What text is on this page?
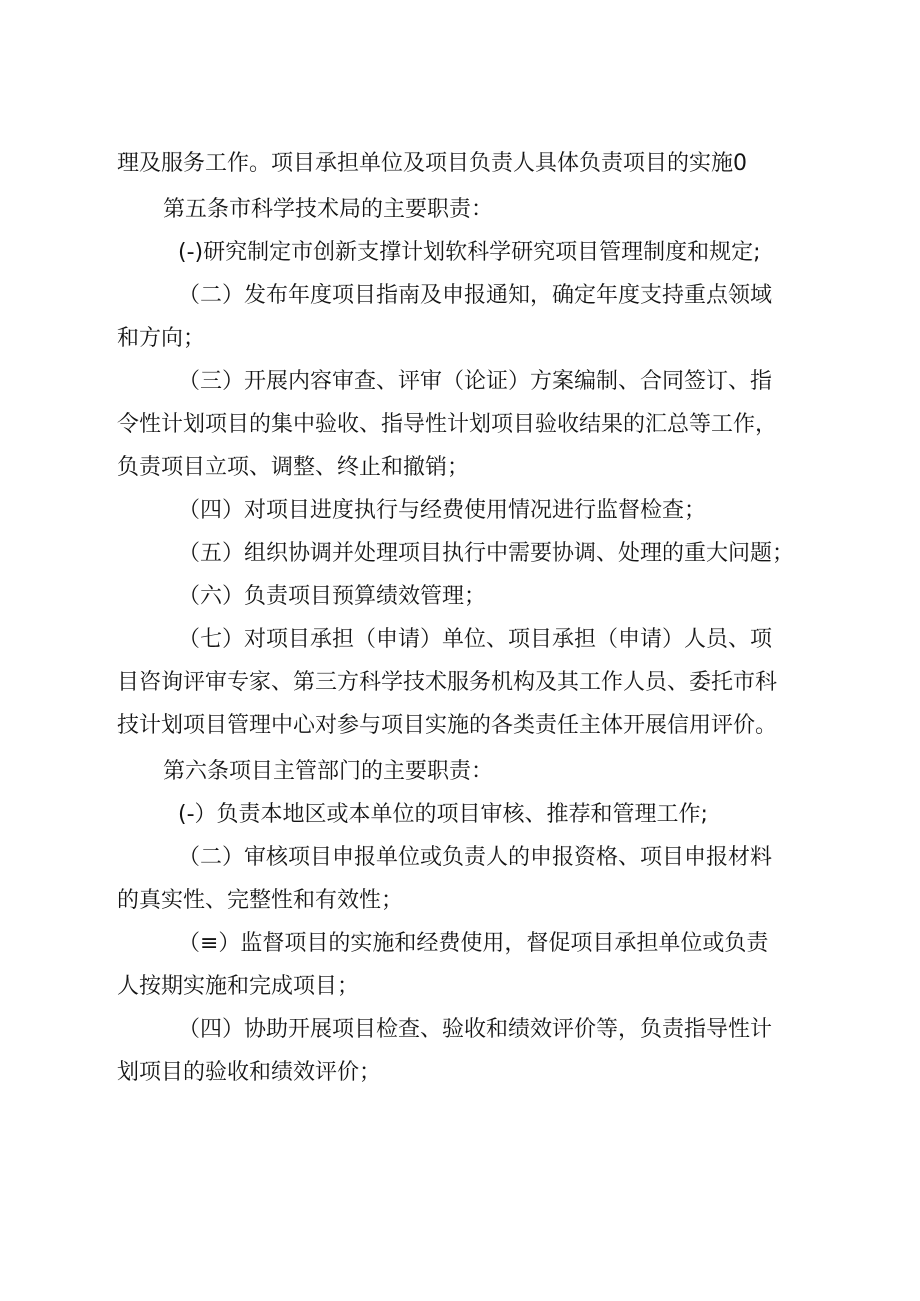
理及服务工作。项目承担单位及项目负责人具体负责项目的实施0

第五条市科学技术局的主要职责：

(-)研究制定市创新支撑计划软科学研究项目管理制度和规定;

（二）发布年度项目指南及申报通知，确定年度支持重点领域

和方向；

（三）开展内容审查、评审（论证）方案编制、合同签订、指

令性计划项目的集中验收、指导性计划项目验收结果的汇总等工作，

负责项目立项、调整、终止和撤销；

（四）对项目进度执行与经费使用情况进行监督检查；

（五）组织协调并处理项目执行中需要协调、处理的重大问题；

（六）负责项目预算绩效管理；

（七）对项目承担（申请）单位、项目承担（申请）人员、项

目咨询评审专家、第三方科学技术服务机构及其工作人员、委托市科

技计划项目管理中心对参与项目实施的各类责任主体开展信用评价。

第六条项目主管部门的主要职责：

(-）负责本地区或本单位的项目审核、推荐和管理工作;

（二）审核项目申报单位或负责人的申报资格、项目申报材料

的真实性、完整性和有效性；

（≡）监督项目的实施和经费使用，督促项目承担单位或负责

人按期实施和完成项目；

（四）协助开展项目检查、验收和绩效评价等，负责指导性计

划项目的验收和绩效评价；
